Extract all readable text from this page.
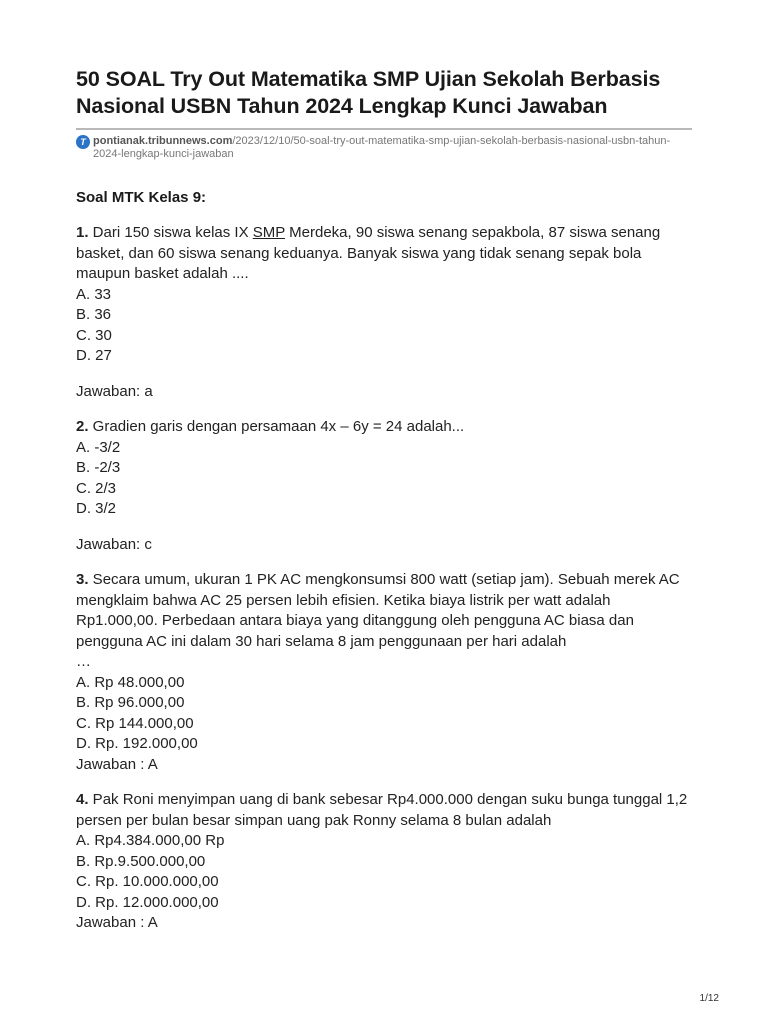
50 SOAL Try Out Matematika SMP Ujian Sekolah Berbasis Nasional USBN Tahun 2024 Lengkap Kunci Jawaban
T pontianak.tribunnews.com/2023/12/10/50-soal-try-out-matematika-smp-ujian-sekolah-berbasis-nasional-usbn-tahun-2024-lengkap-kunci-jawaban
Soal MTK Kelas 9:
1. Dari 150 siswa kelas IX SMP Merdeka, 90 siswa senang sepakbola, 87 siswa senang basket, dan 60 siswa senang keduanya. Banyak siswa yang tidak senang sepak bola maupun basket adalah ....
A. 33
B. 36
C. 30
D. 27
Jawaban: a
2. Gradien garis dengan persamaan 4x – 6y = 24 adalah...
A. -3/2
B. -2/3
C. 2/3
D. 3/2
Jawaban: c
3. Secara umum, ukuran 1 PK AC mengkonsumsi 800 watt (setiap jam). Sebuah merek AC mengklaim bahwa AC 25 persen lebih efisien. Ketika biaya listrik per watt adalah Rp1.000,00. Perbedaan antara biaya yang ditanggung oleh pengguna AC biasa dan pengguna AC ini dalam 30 hari selama 8 jam penggunaan per hari adalah
…
A. Rp 48.000,00
B. Rp 96.000,00
C. Rp 144.000,00
D. Rp. 192.000,00
Jawaban : A
4. Pak Roni menyimpan uang di bank sebesar Rp4.000.000 dengan suku bunga tunggal 1,2 persen per bulan besar simpan uang pak Ronny selama 8 bulan adalah
A. Rp4.384.000,00 Rp
B. Rp.9.500.000,00
C. Rp. 10.000.000,00
D. Rp. 12.000.000,00
Jawaban : A
1/12
